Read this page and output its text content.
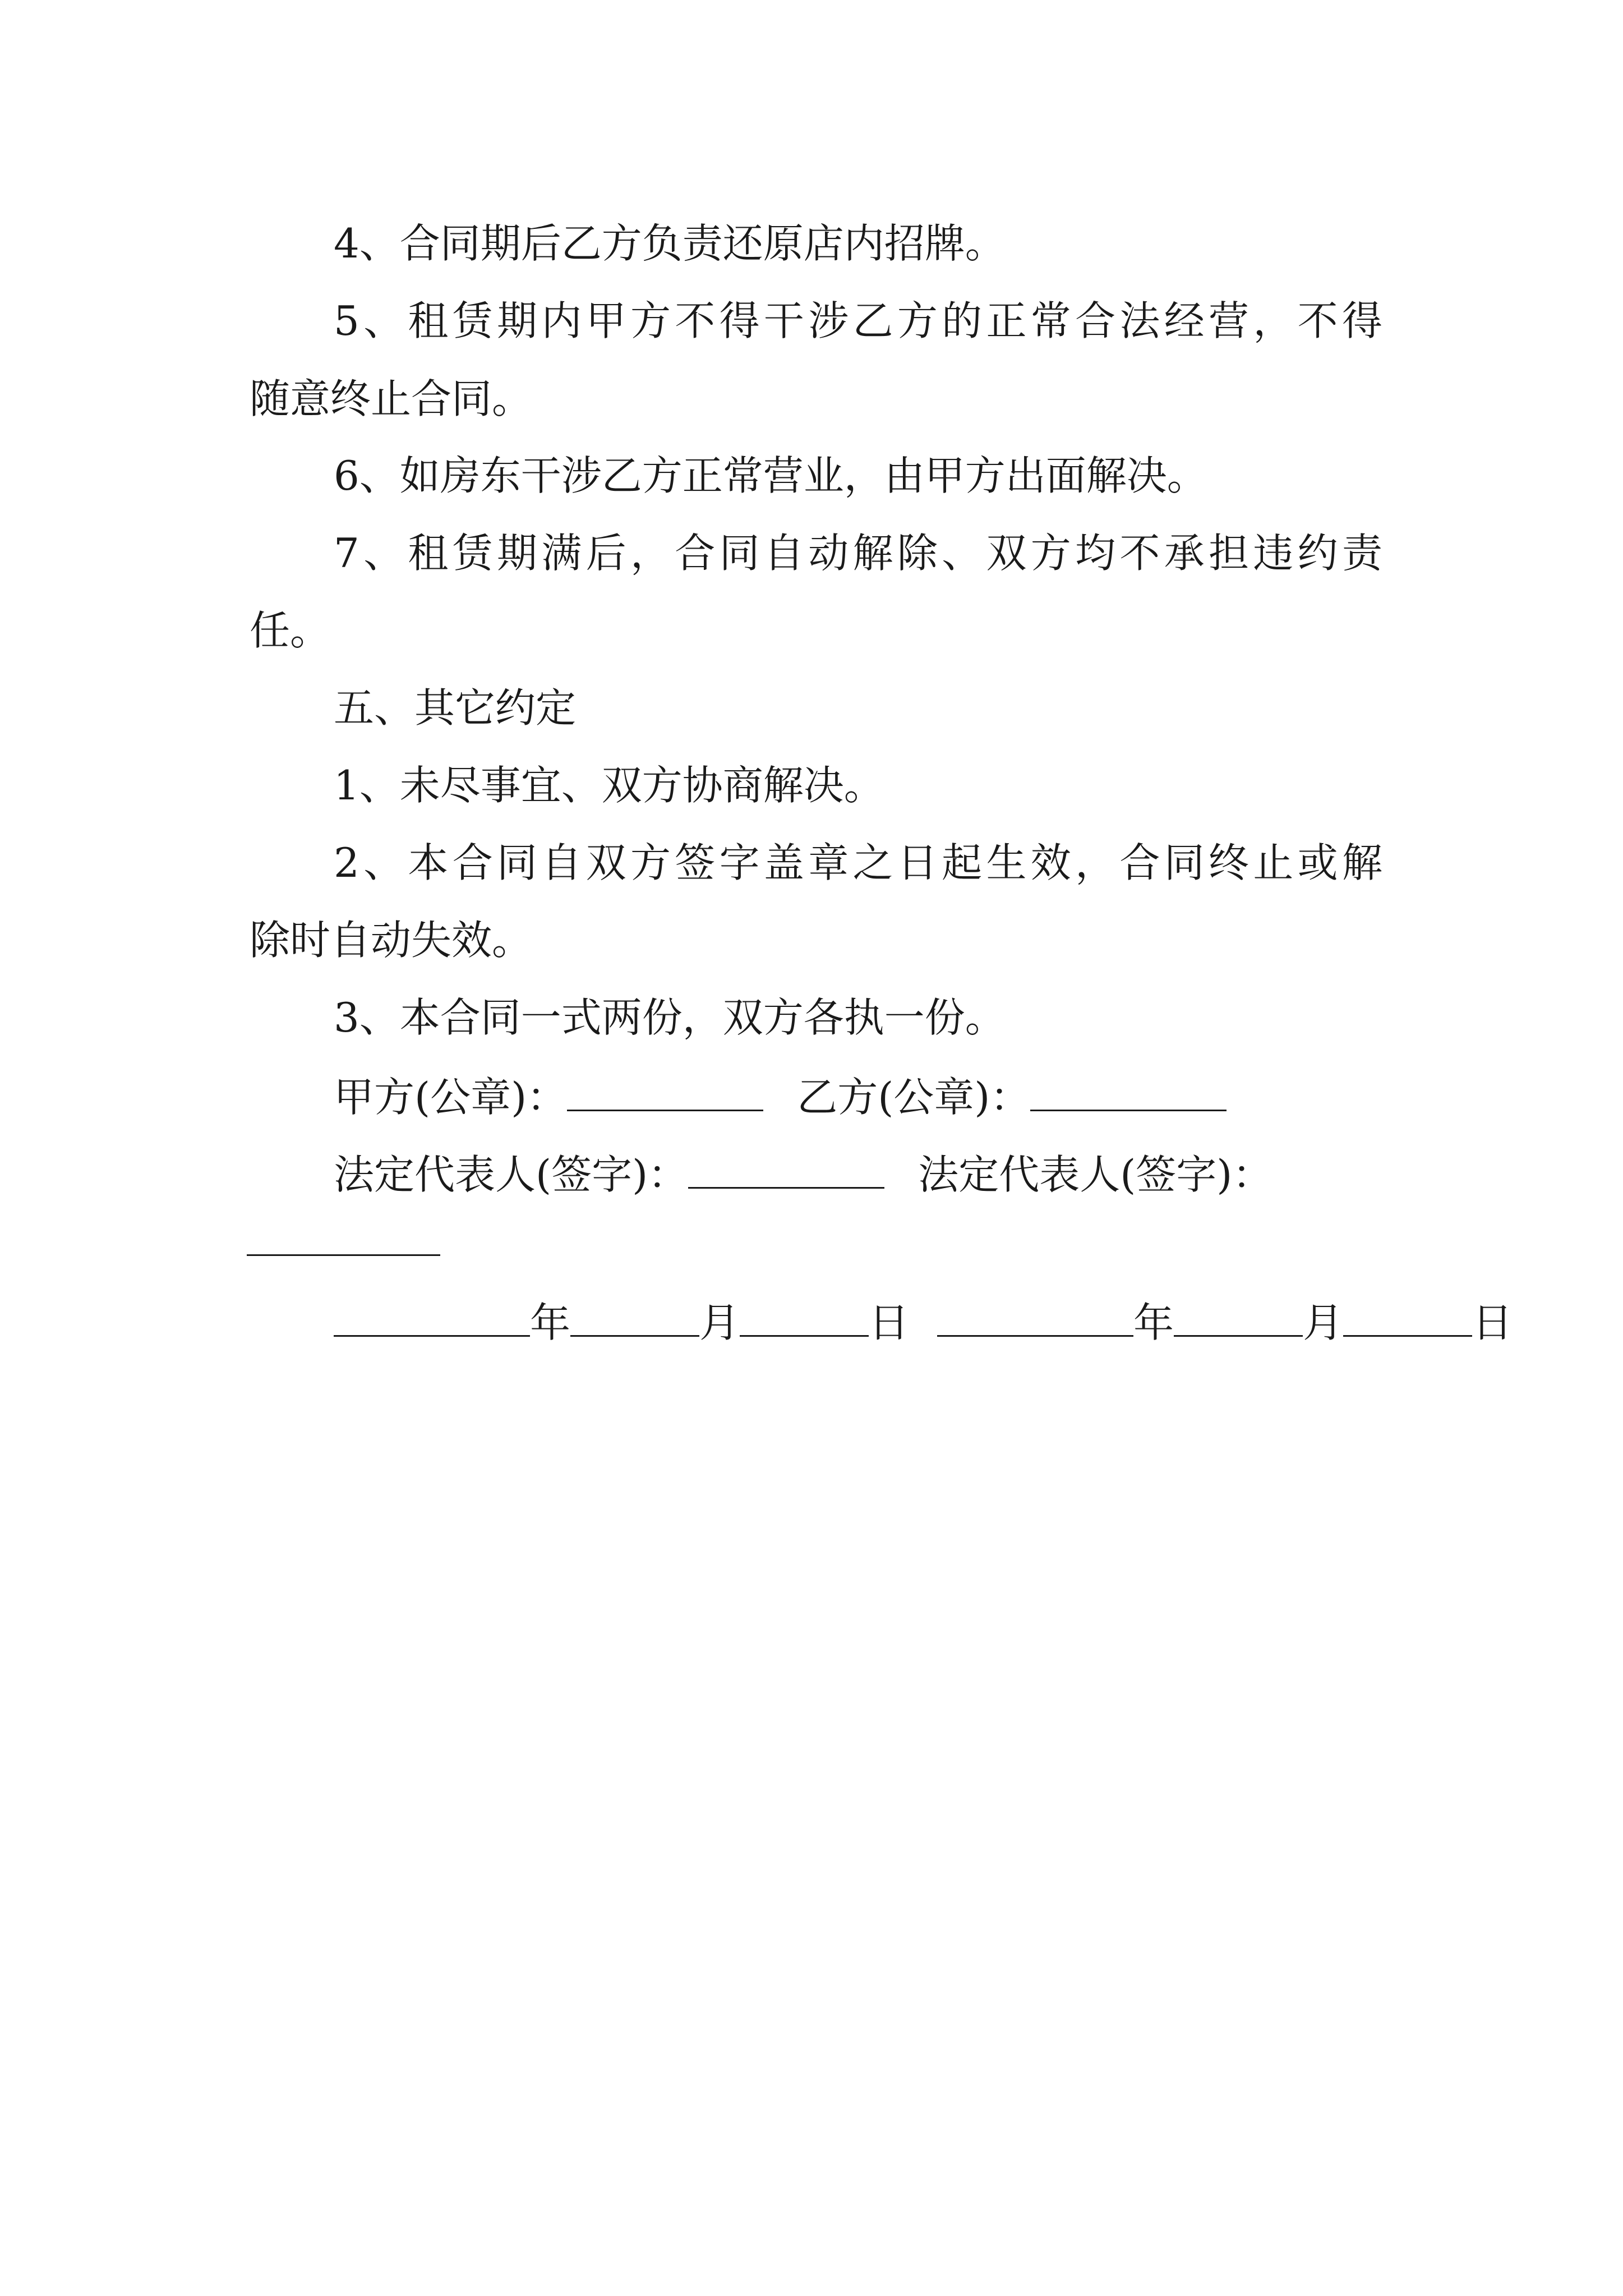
4、合同期后乙方负责还原店内招牌。
5 、 租 赁 期 内 甲 方 不 得 干 涉 乙 方 的 正 常 合 法 经 营 ， 不 得
随意终止合同。
6、如房东干涉乙方正常营业，由甲方出面解决。
7 、 租 赁 期 满 后 ， 合 同 自 动 解 除 、 双 方 均 不 承 担 违 约 责
任。
五、其它约定
1、未尽事宜、双方协商解决。
2 、 本 合 同 自 双 方 签 字 盖 章 之 日 起 生 效 ， 合 同 终 止 或 解
除时自动失效。
3、本合同一式两份，双方各执一份。
甲方(公章)：	乙方(公章)：
法定代表人(签字)：	法定代表人(签字)：
年	月	日	年	月	日
